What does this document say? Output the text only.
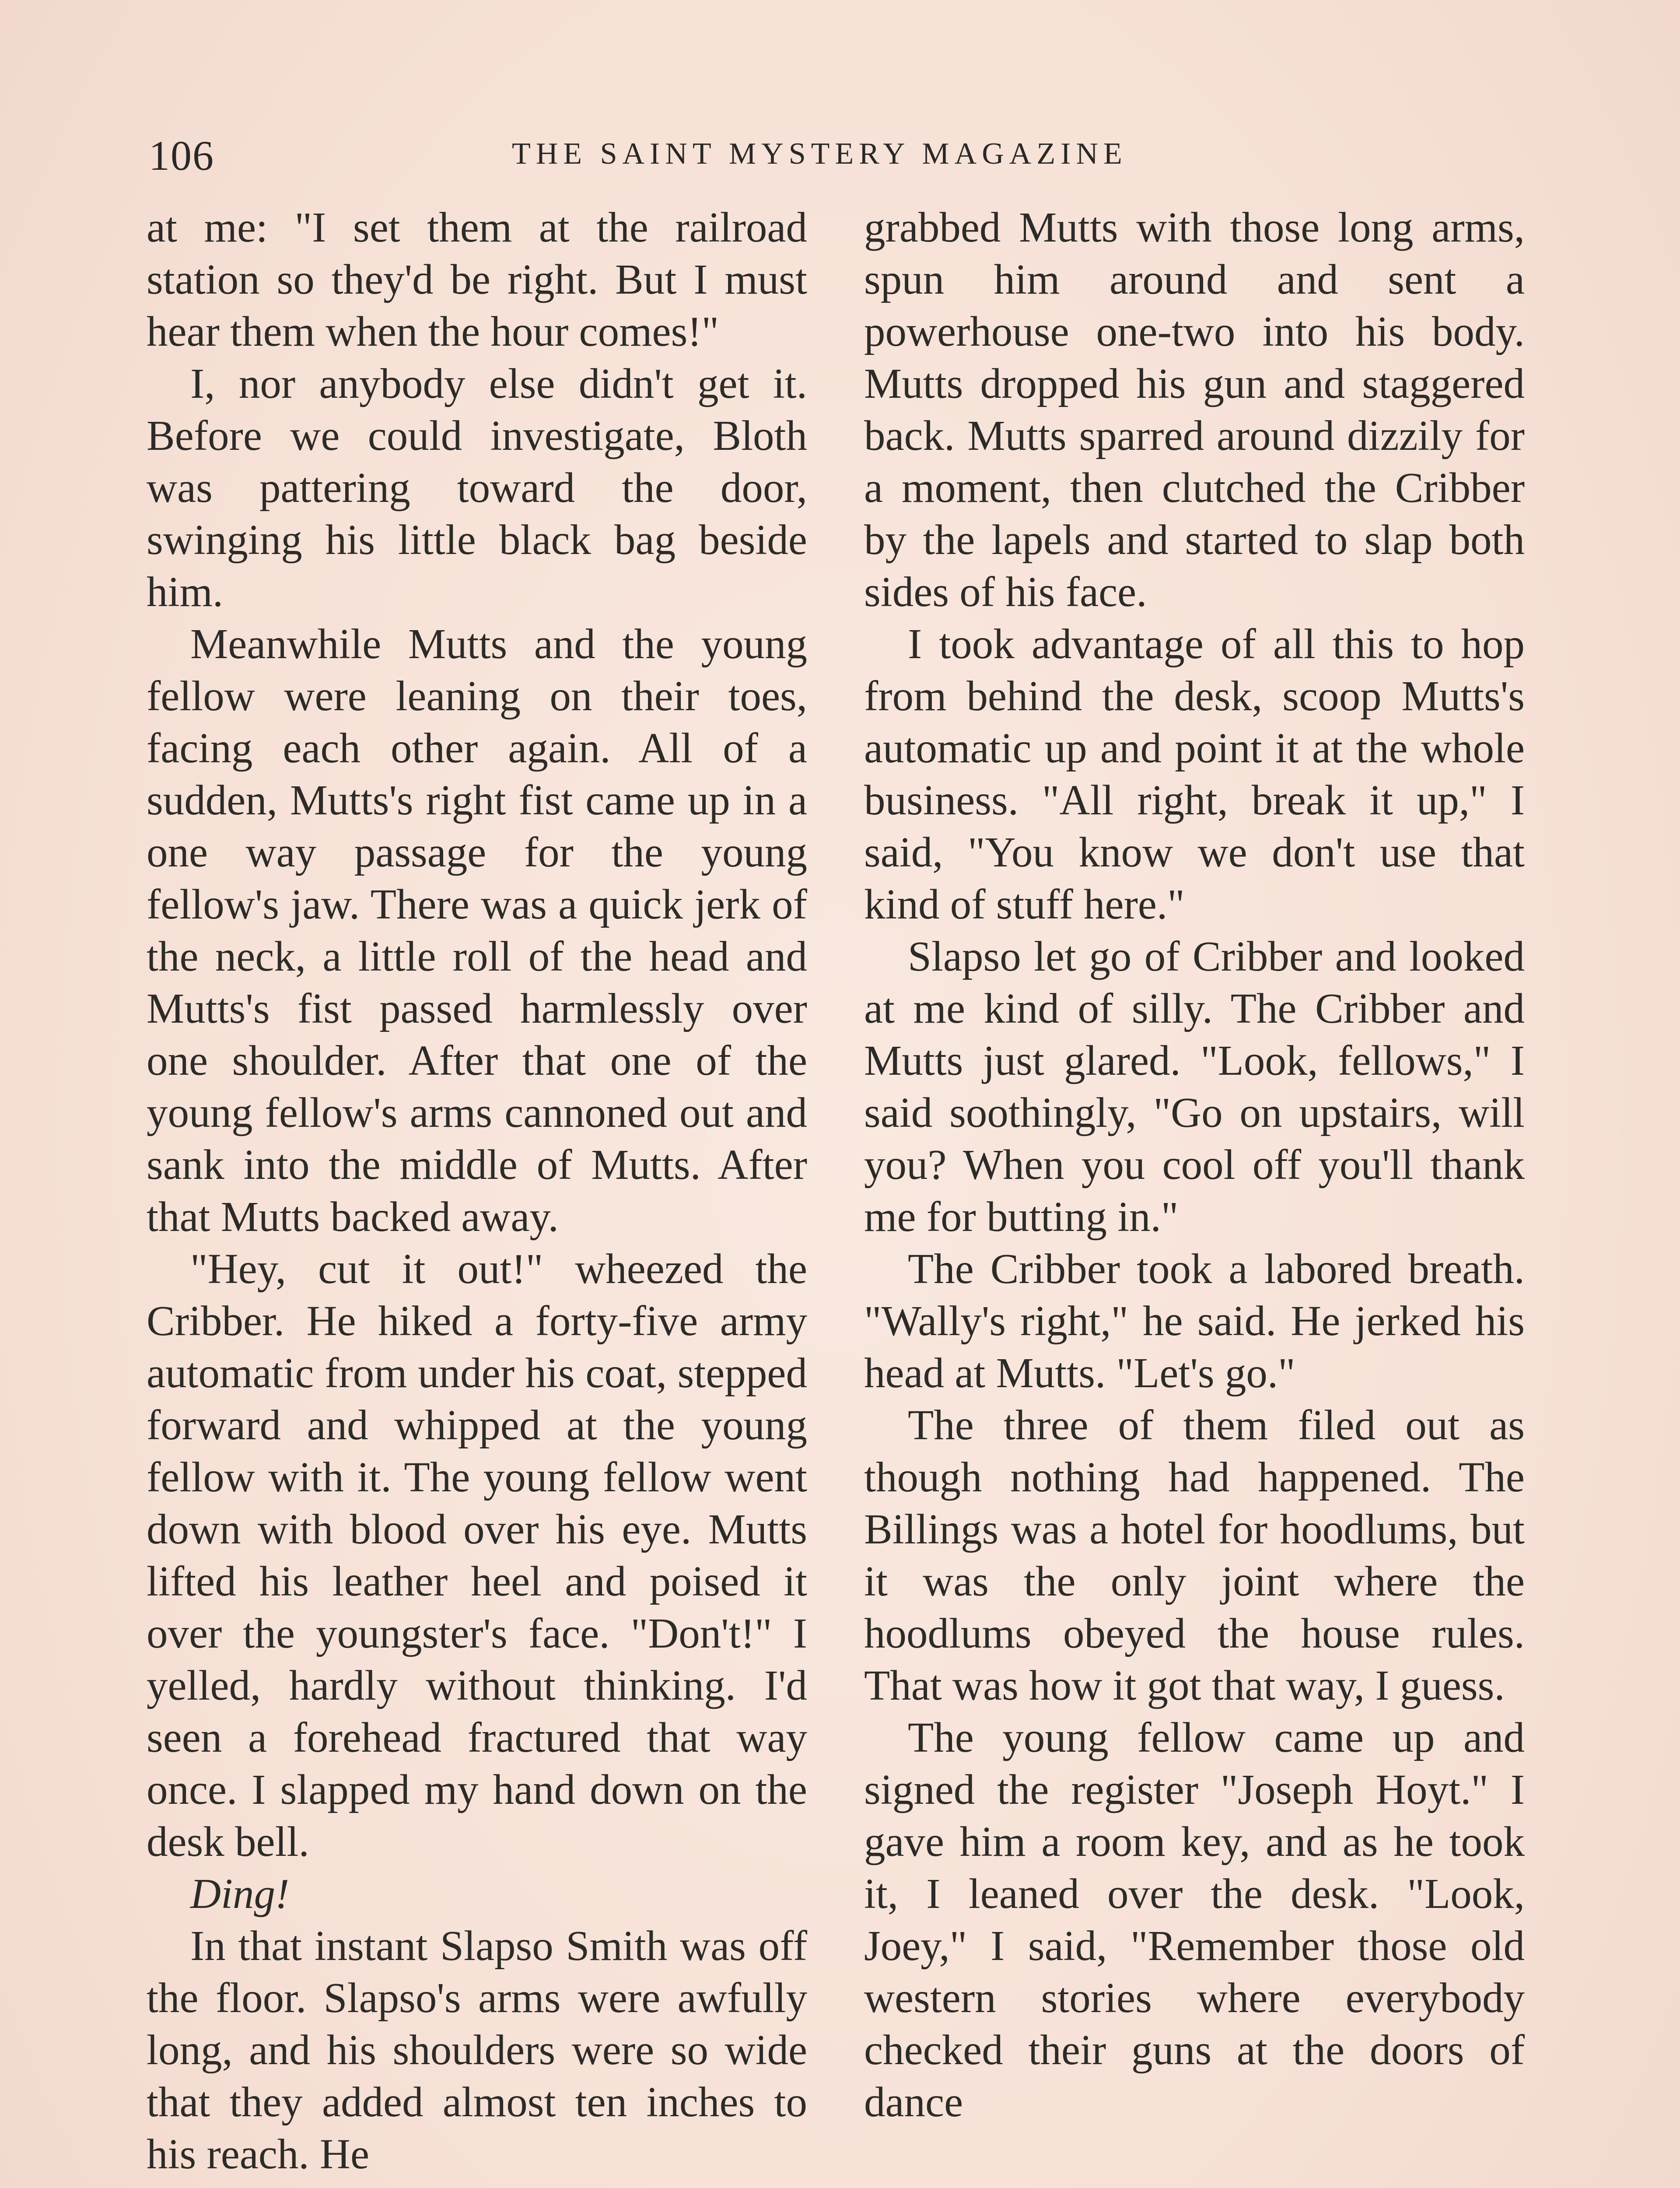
106	THE SAINT MYSTERY MAGAZINE

at me: "I set them at the railroad station so they'd be right. But I must hear them when the hour comes!"

I, nor anybody else didn't get it. Before we could investigate, Bloth was pattering toward the door, swinging his little black bag beside him.

Meanwhile Mutts and the young fellow were leaning on their toes, facing each other again. All of a sudden, Mutts's right fist came up in a one way passage for the young fellow's jaw. There was a quick jerk of the neck, a little roll of the head and Mutts's fist passed harmlessly over one shoulder. After that one of the young fellow's arms cannoned out and sank into the middle of Mutts. After that Mutts backed away.

"Hey, cut it out!" wheezed the Cribber. He hiked a forty-five army automatic from under his coat, stepped forward and whipped at the young fellow with it. The young fellow went down with blood over his eye. Mutts lifted his leather heel and poised it over the youngster's face. "Don't!" I yelled, hardly without thinking. I'd seen a forehead fractured that way once. I slapped my hand down on the desk bell.

Ding!

In that instant Slapso Smith was off the floor. Slapso's arms were awfully long, and his shoulders were so wide that they added almost ten inches to his reach. He

grabbed Mutts with those long arms, spun him around and sent a powerhouse one-two into his body. Mutts dropped his gun and staggered back. Mutts sparred around dizzily for a moment, then clutched the Cribber by the lapels and started to slap both sides of his face.

I took advantage of all this to hop from behind the desk, scoop Mutts's automatic up and point it at the whole business. "All right, break it up," I said, "You know we don't use that kind of stuff here."

Slapso let go of Cribber and looked at me kind of silly. The Cribber and Mutts just glared. "Look, fellows," I said soothingly, "Go on upstairs, will you? When you cool off you'll thank me for butting in."

The Cribber took a labored breath. "Wally's right," he said. He jerked his head at Mutts. "Let's go."

The three of them filed out as though nothing had happened. The Billings was a hotel for hoodlums, but it was the only joint where the hoodlums obeyed the house rules. That was how it got that way, I guess.

The young fellow came up and signed the register "Joseph Hoyt." I gave him a room key, and as he took it, I leaned over the desk. "Look, Joey," I said, "Remember those old western stories where everybody checked their guns at the doors of dance
